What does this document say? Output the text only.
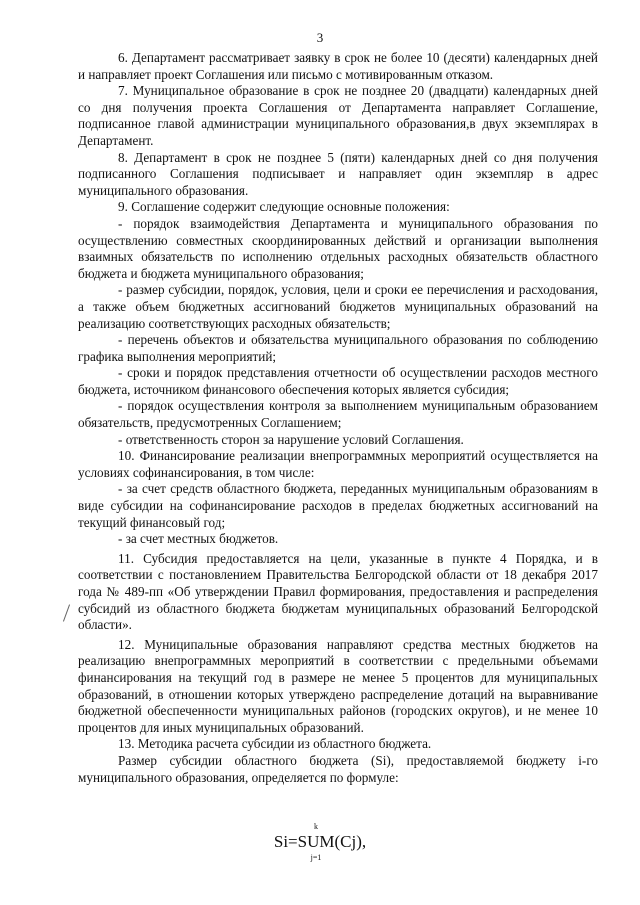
3

6. Департамент рассматривает заявку в срок не более 10 (десяти) календарных дней и направляет проект Соглашения или письмо с мотивированным отказом.

7. Муниципальное образование в срок не позднее 20 (двадцати) календарных дней со дня получения проекта Соглашения от Департамента направляет Соглашение, подписанное главой администрации муниципального образования,в двух экземплярах в Департамент.

8. Департамент в срок не позднее 5 (пяти) календарных дней со дня получения подписанного Соглашения подписывает и направляет один экземпляр в адрес муниципального образования.

9. Соглашение содержит следующие основные положения:

- порядок взаимодействия Департамента и муниципального образования по осуществлению совместных скоординированных действий и организации выполнения взаимных обязательств по исполнению отдельных расходных обязательств областного бюджета и бюджета муниципального образования;

- размер субсидии, порядок, условия, цели и сроки ее перечисления и расходования, а также объем бюджетных ассигнований бюджетов муниципальных образований на реализацию соответствующих расходных обязательств;

- перечень объектов и обязательства муниципального образования по соблюдению графика выполнения мероприятий;

- сроки и порядок представления отчетности об осуществлении расходов местного бюджета, источником финансового обеспечения которых является субсидия;

- порядок осуществления контроля за выполнением муниципальным образованием обязательств, предусмотренных Соглашением;

- ответственность сторон за нарушение условий Соглашения.

10. Финансирование реализации внепрограммных мероприятий осуществляется на условиях софинансирования, в том числе:

- за счет средств областного бюджета, переданных муниципальным образованиям в виде субсидии на софинансирование расходов в пределах бюджетных ассигнований на текущий финансовый год;

- за счет местных бюджетов.

11. Субсидия предоставляется на цели, указанные в пункте 4 Порядка, и в соответствии с постановлением Правительства Белгородской области от 18 декабря 2017 года № 489-пп «Об утверждении Правил формирования, предоставления и распределения субсидий из областного бюджета бюджетам муниципальных образований Белгородской области».

12. Муниципальные образования направляют средства местных бюджетов на реализацию внепрограммных мероприятий в соответствии с предельными объемами финансирования на текущий год в размере не менее 5 процентов для муниципальных образований, в отношении которых утверждено распределение дотаций на выравнивание бюджетной обеспеченности муниципальных районов (городских округов), и не менее 10 процентов для иных муниципальных образований.

13. Методика расчета субсидии из областного бюджета.

Размер субсидии областного бюджета (Si), предоставляемой бюджету i-го муниципального образования, определяется по формуле:

Si=
k
SUM
j=1
(Cj),
